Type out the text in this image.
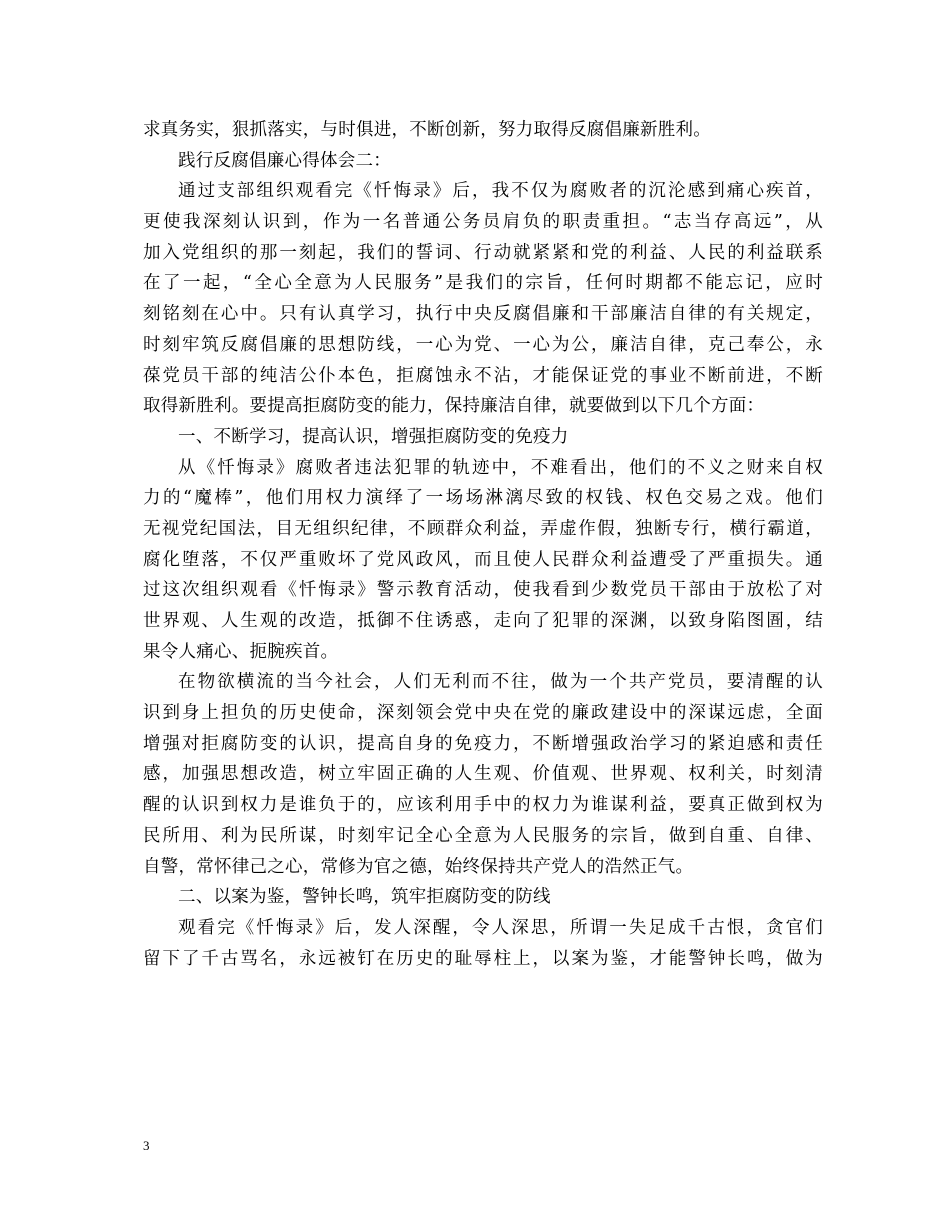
求真务实，狠抓落实，与时俱进，不断创新，努力取得反腐倡廉新胜利。
践行反腐倡廉心得体会二：
通过支部组织观看完《忏悔录》后，我不仅为腐败者的沉沦感到痛心疾首，
更使我深刻认识到，作为一名普通公务员肩负的职责重担。“志当存高远”，从
加入党组织的那一刻起，我们的誓词、行动就紧紧和党的利益、人民的利益联系
在了一起，“全心全意为人民服务”是我们的宗旨，任何时期都不能忘记，应时
刻铭刻在心中。只有认真学习，执行中央反腐倡廉和干部廉洁自律的有关规定，
时刻牢筑反腐倡廉的思想防线，一心为党、一心为公，廉洁自律，克己奉公，永
葆党员干部的纯洁公仆本色，拒腐蚀永不沾，才能保证党的事业不断前进，不断
取得新胜利。要提高拒腐防变的能力，保持廉洁自律，就要做到以下几个方面：
一、不断学习，提高认识，增强拒腐防变的免疫力
从《忏悔录》腐败者违法犯罪的轨迹中，不难看出，他们的不义之财来自权
力的“魔棒”，他们用权力演绎了一场场淋漓尽致的权钱、权色交易之戏。他们
无视党纪国法，目无组织纪律，不顾群众利益，弄虚作假，独断专行，横行霸道，
腐化堕落，不仅严重败坏了党风政风，而且使人民群众利益遭受了严重损失。通
过这次组织观看《忏悔录》警示教育活动，使我看到少数党员干部由于放松了对
世界观、人生观的改造，抵御不住诱惑，走向了犯罪的深渊，以致身陷图圄，结
果令人痛心、扼腕疾首。
在物欲横流的当今社会，人们无利而不往，做为一个共产党员，要清醒的认
识到身上担负的历史使命，深刻领会党中央在党的廉政建设中的深谋远虑，全面
增强对拒腐防变的认识，提高自身的免疫力，不断增强政治学习的紧迫感和责任
感，加强思想改造，树立牢固正确的人生观、价值观、世界观、权利关，时刻清
醒的认识到权力是谁负于的，应该利用手中的权力为谁谋利益，要真正做到权为
民所用、利为民所谋，时刻牢记全心全意为人民服务的宗旨，做到自重、自律、
自警，常怀律己之心，常修为官之德，始终保持共产党人的浩然正气。
二、以案为鉴，警钟长鸣，筑牢拒腐防变的防线
观看完《忏悔录》后，发人深醒，令人深思，所谓一失足成千古恨，贪官们
留下了千古骂名，永远被钉在历史的耻辱柱上，以案为鉴，才能警钟长鸣，做为
3
